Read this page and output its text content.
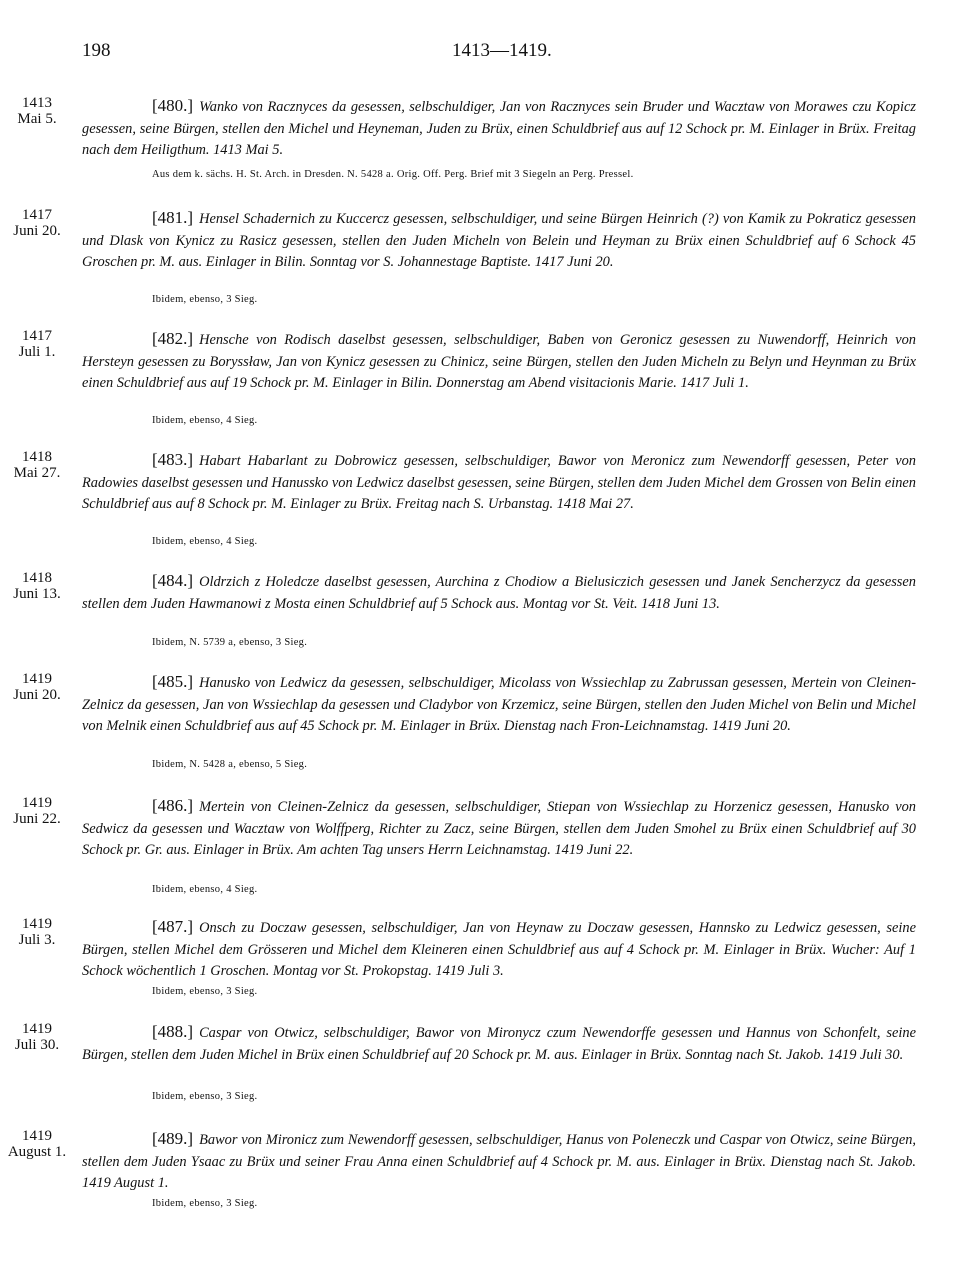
198	1413—1419.
1413
Mai 5.
[480.] Wanko von Racznyces da gesessen, selbschuldiger, Jan von Racznyces sein Bruder und Wacztaw von Morawes czu Kopicz gesessen, seine Bürgen, stellen den Michel und Heyneman, Juden zu Brüx, einen Schuldbrief aus auf 12 Schock pr. M. Einlager in Brüx. Freitag nach dem Heiligthum. 1413 Mai 5.
Aus dem k. sächs. H. St. Arch. in Dresden. N. 5428 a. Orig. Off. Perg. Brief mit 3 Siegeln an Perg. Pressel.
1417
Juni 20.
[481.] Hensel Schadernich zu Kuccercz gesessen, selbschuldiger, und seine Bürgen Heinrich (?) von Kamik zu Pokraticz gesessen und Dlask von Kynicz zu Rasicz gesessen, stellen den Juden Micheln von Belein und Heyman zu Brüx einen Schuldbrief auf 6 Schock 45 Groschen pr. M. aus. Einlager in Bilin. Sonntag vor S. Johannestage Baptiste. 1417 Juni 20.
Ibidem, ebenso, 3 Sieg.
1417
Juli 1.
[482.] Hensche von Rodisch daselbst gesessen, selbschuldiger, Baben von Geronicz gesessen zu Nuwendorff, Heinrich von Hersteyn gesessen zu Boryssław, Jan von Kynicz gesessen zu Chinicz, seine Bürgen, stellen den Juden Micheln zu Belyn und Heynman zu Brüx einen Schuldbrief aus auf 19 Schock pr. M. Einlager in Bilin. Donnerstag am Abend visitacionis Marie. 1417 Juli 1.
Ibidem, ebenso, 4 Sieg.
1418
Mai 27.
[483.] Habart Habarlant zu Dobrowicz gesessen, selbschuldiger, Bawor von Meronicz zum Newendorff gesessen, Peter von Radowies daselbst gesessen und Hanussko von Ledwicz daselbst gesessen, seine Bürgen, stellen dem Juden Michel dem Grossen von Belin einen Schuldbrief aus auf 8 Schock pr. M. Einlager zu Brüx. Freitag nach S. Urbanstag. 1418 Mai 27.
Ibidem, ebenso, 4 Sieg.
1418
Juni 13.
[484.] Oldrzich z Holedcze daselbst gesessen, Aurchina z Chodiow a Bielusiczich gesessen und Janek Sencherzycz da gesessen stellen dem Juden Hawmanowi z Mosta einen Schuldbrief auf 5 Schock aus. Montag vor St. Veit. 1418 Juni 13.
Ibidem, N. 5739 a, ebenso, 3 Sieg.
1419
Juni 20.
[485.] Hanusko von Ledwicz da gesessen, selbschuldiger, Micolass von Wssiechlap zu Zabrussan gesessen, Mertein von Cleinen-Zelnicz da gesessen, Jan von Wssiechlap da gesessen und Cladybor von Krzemicz, seine Bürgen, stellen den Juden Michel von Belin und Michel von Melnik einen Schuldbrief aus auf 45 Schock pr. M. Einlager in Brüx. Dienstag nach Fron-Leichnamstag. 1419 Juni 20.
Ibidem, N. 5428 a, ebenso, 5 Sieg.
1419
Juni 22.
[486.] Mertein von Cleinen-Zelnicz da gesessen, selbschuldiger, Stiepan von Wssiechlap zu Horzenicz gesessen, Hanusko von Sedwicz da gesessen und Wacztaw von Wolffperg, Richter zu Zacz, seine Bürgen, stellen dem Juden Smohel zu Brüx einen Schuldbrief auf 30 Schock pr. Gr. aus. Einlager in Brüx. Am achten Tag unsers Herrn Leichnamstag. 1419 Juni 22.
Ibidem, ebenso, 4 Sieg.
1419
Juli 3.
[487.] Onsch zu Doczaw gesessen, selbschuldiger, Jan von Heynaw zu Doczaw gesessen, Hannsko zu Ledwicz gesessen, seine Bürgen, stellen Michel dem Grösseren und Michel dem Kleineren einen Schuldbrief aus auf 4 Schock pr. M. Einlager in Brüx. Wucher: Auf 1 Schock wöchentlich 1 Groschen. Montag vor St. Prokopstag. 1419 Juli 3.
Ibidem, ebenso, 3 Sieg.
1419
Juli 30.
[488.] Caspar von Otwicz, selbschuldiger, Bawor von Mironycz czum Newendorffe gesessen und Hannus von Schonfelt, seine Bürgen, stellen dem Juden Michel in Brüx einen Schuldbrief auf 20 Schock pr. M. aus. Einlager in Brüx. Sonntag nach St. Jakob. 1419 Juli 30.
Ibidem, ebenso, 3 Sieg.
1419
August 1.
[489.] Bawor von Mironicz zum Newendorff gesessen, selbschuldiger, Hanus von Poleneczk und Caspar von Otwicz, seine Bürgen, stellen dem Juden Ysaac zu Brüx und seiner Frau Anna einen Schuldbrief auf 4 Schock pr. M. aus. Einlager in Brüx. Dienstag nach St. Jakob. 1419 August 1.
Ibidem, ebenso, 3 Sieg.
